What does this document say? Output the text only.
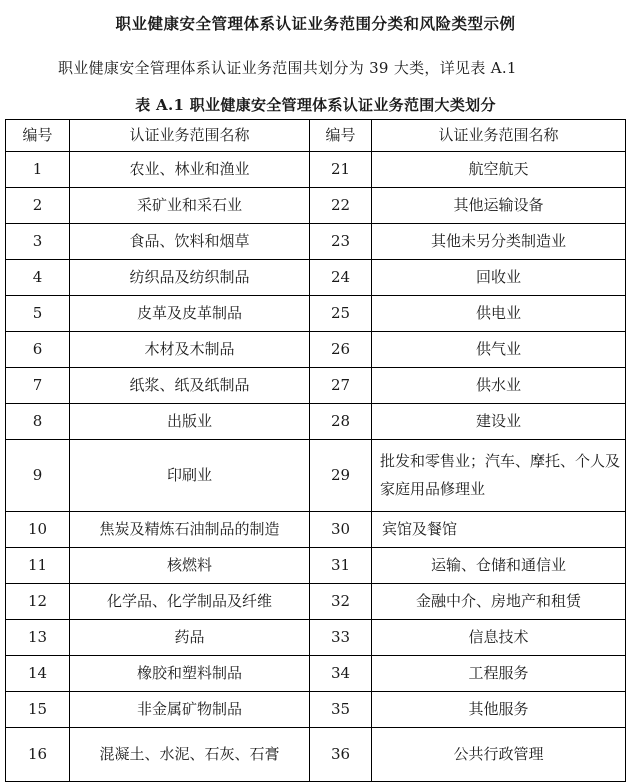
职业健康安全管理体系认证业务范围分类和风险类型示例
职业健康安全管理体系认证业务范围共划分为 39 大类，详见表 A.1
表 A.1 职业健康安全管理体系认证业务范围大类划分
编号	认证业务范围名称	编号	认证业务范围名称
1	农业、林业和渔业	21	航空航天
2	采矿业和采石业	22	其他运输设备
3	食品、饮料和烟草	23	其他未另分类制造业
4	纺织品及纺织制品	24	回收业
5	皮革及皮革制品	25	供电业
6	木材及木制品	26	供气业
7	纸浆、纸及纸制品	27	供水业
8	出版业	28	建设业
9	印刷业	29	批发和零售业；汽车、摩托、个人及家庭用品修理业
10	焦炭及精炼石油制品的制造	30	宾馆及餐馆
11	核燃料	31	运输、仓储和通信业
12	化学品、化学制品及纤维	32	金融中介、房地产和租赁
13	药品	33	信息技术
14	橡胶和塑料制品	34	工程服务
15	非金属矿物制品	35	其他服务
16	混凝土、水泥、石灰、石膏	36	公共行政管理
